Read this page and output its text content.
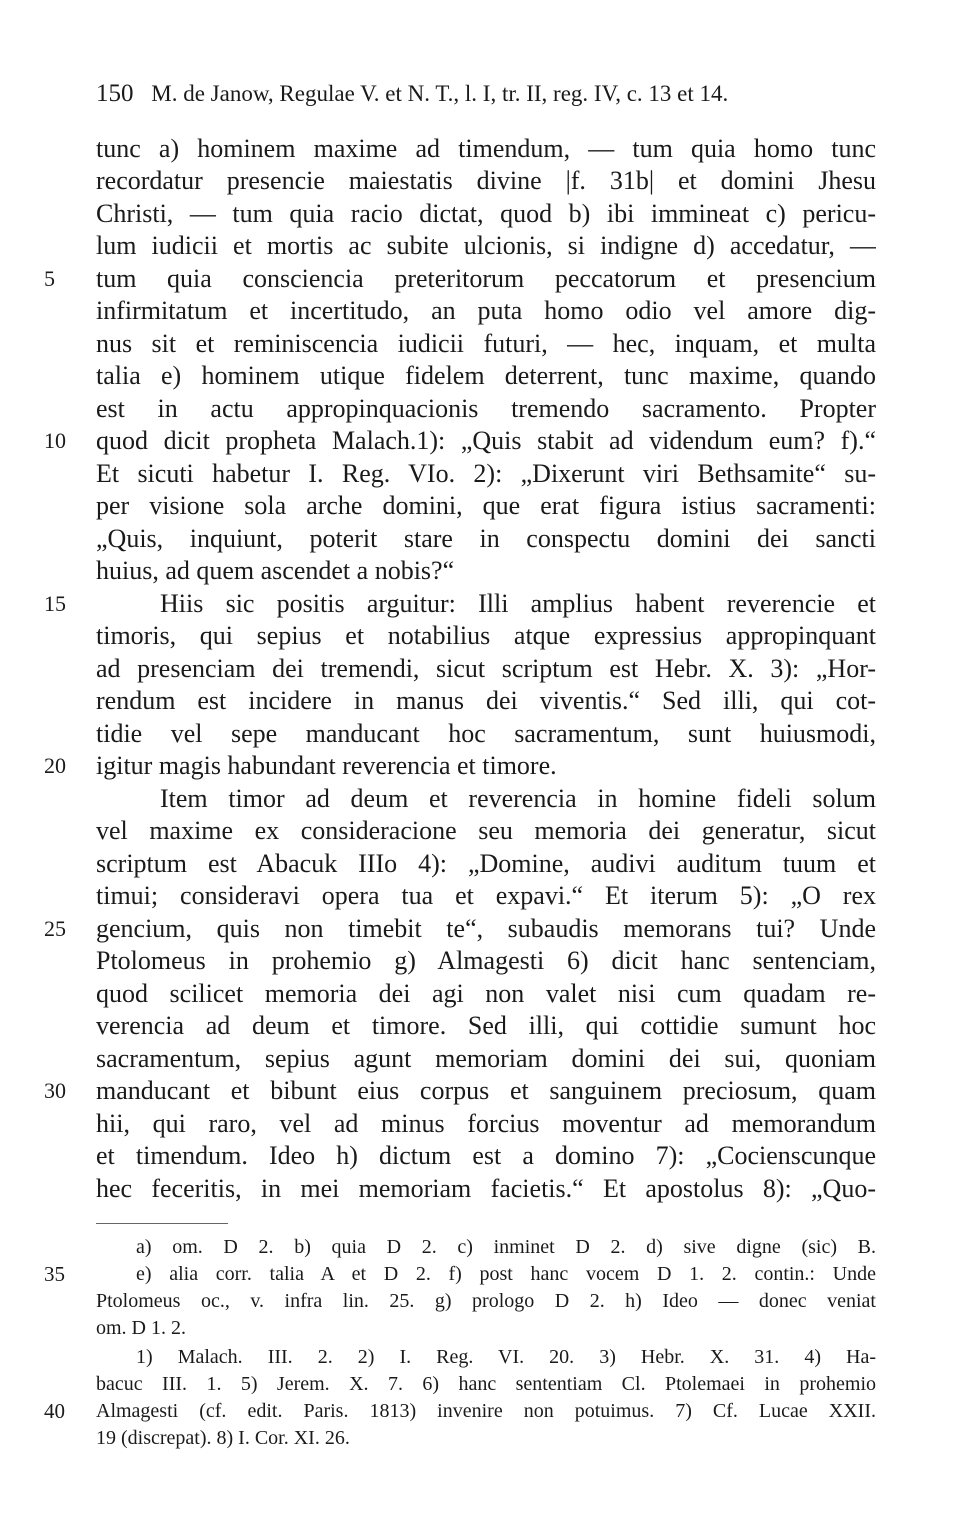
150 M. de Janow, Regulae V. et N. T., l. I, tr. II, reg. IV, c. 13 et 14.
tunc a) hominem maxime ad timendum, — tum quia homo tunc
recordatur presencie maiestatis divine |f. 31b| et domini Jhesu
Christi, — tum quia racio dictat, quod b) ibi immineat c) pericu-
lum iudicii et mortis ac subite ulcionis, si indigne d) accedatur, —
tum quia consciencia preteritorum peccatorum et presencium
infirmitatum et incertitudo, an puta homo odio vel amore dig-
nus sit et reminiscencia iudicii futuri, — hec, inquam, et multa
talia e) hominem utique fidelem deterrent, tunc maxime, quando
est in actu appropinquacionis tremendo sacramento. Propter
quod dicit propheta Malach.1): „Quis stabit ad videndum eum? f).“
Et sicuti habetur I. Reg. VIo. 2): „Dixerunt viri Bethsamite“ su-
per visione sola arche domini, que erat figura istius sacramenti:
„Quis, inquiunt, poterit stare in conspectu domini dei sancti
huius, ad quem ascendet a nobis?“
Hiis sic positis arguitur: Illi amplius habent reverencie et
timoris, qui sepius et notabilius atque expressius appropinquant
ad presenciam dei tremendi, sicut scriptum est Hebr. X. 3): „Hor-
rendum est incidere in manus dei viventis.“ Sed illi, qui cot-
tidie vel sepe manducant hoc sacramentum, sunt huiusmodi,
igitur magis habundant reverencia et timore.
Item timor ad deum et reverencia in homine fideli solum
vel maxime ex consideracione seu memoria dei generatur, sicut
scriptum est Abacuk IIIo 4): „Domine, audivi auditum tuum et
timui; consideravi opera tua et expavi.“ Et iterum 5): „O rex
gencium, quis non timebit te“, subaudis memorans tui? Unde
Ptolomeus in prohemio g) Almagesti 6) dicit hanc sentenciam,
quod scilicet memoria dei agi non valet nisi cum quadam re-
verencia ad deum et timore. Sed illi, qui cottidie sumunt hoc
sacramentum, sepius agunt memoriam domini dei sui, quoniam
manducant et bibunt eius corpus et sanguinem preciosum, quam
hii, qui raro, vel ad minus forcius moventur ad memorandum
et timendum. Ideo h) dictum est a domino 7): „Cocienscunque
hec feceritis, in mei memoriam facietis.“ Et apostolus 8): „Quo-
5
10
15
20
25
30
a) om. D 2. b) quia D 2. c) inminet D 2. d) sive digne (sic) B.
e) alia corr. talia A et D 2. f) post hanc vocem D 1. 2. contin.: Unde
Ptolomeus oc., v. infra lin. 25. g) prologo D 2. h) Ideo — donec veniat
om. D 1. 2.
1) Malach. III. 2. 2) I. Reg. VI. 20. 3) Hebr. X. 31. 4) Ha-
bacuc III. 1. 5) Jerem. X. 7. 6) hanc sententiam Cl. Ptolemaei in prohemio
Almagesti (cf. edit. Paris. 1813) invenire non potuimus. 7) Cf. Lucae XXII.
19 (discrepat). 8) I. Cor. XI. 26.
35
40
